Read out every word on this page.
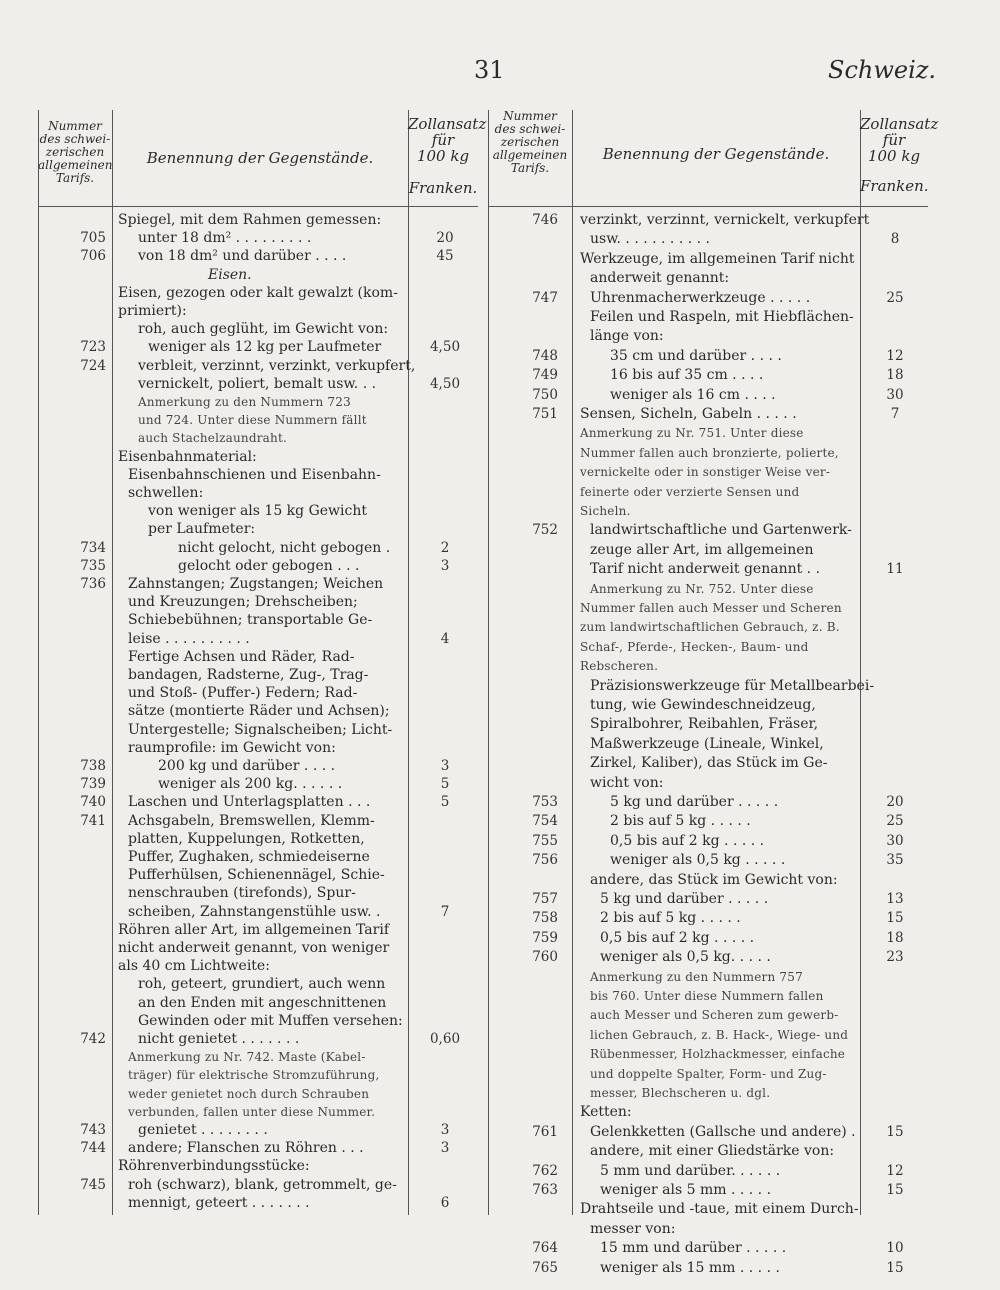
31	Schweiz.
Nummer
des schwei-
zerischen
allgemeinen
Tarifs.
Benennung der Gegenstände.
Zollansatz
für
100 kg
Franken.
Spiegel, mit dem Rahmen gemessen:
705 unter 18 dm² . . . . . . . . .	20
706 von 18 dm² und darüber . . . .	45
Eisen.
Eisen, gezogen oder kalt gewalzt (kom-
primiert):
roh, auch geglüht, im Gewicht von:
723	weniger als 12 kg per Laufmeter	4,50
724 verbleit, verzinnt, verzinkt, verkupfert,
vernickelt, poliert, bemalt usw. . .	4,50
Anmerkung zu den Nummern 723
und 724. Unter diese Nummern fällt
auch Stachelzaundraht.
Eisenbahnmaterial:
Eisenbahnschienen und Eisenbahn-
schwellen:
von weniger als 15 kg Gewicht
per Laufmeter:
734	nicht gelocht, nicht gebogen .	2
735	gelocht oder gebogen . . .	3
736 Zahnstangen; Zugstangen; Weichen
und Kreuzungen; Drehscheiben;
Schiebebühnen; transportable Ge-
leise . . . . . . . . . .	4
Fertige Achsen und Räder, Rad-
bandagen, Radsterne, Zug-, Trag-
und Stoß- (Puffer-) Federn; Rad-
sätze (montierte Räder und Achsen);
Untergestelle; Signalscheiben; Licht-
raumprofile: im Gewicht von:
738	200 kg und darüber . . . .	3
739	weniger als 200 kg. . . . . .	5
740 Laschen und Unterlagsplatten . . .	5
741 Achsgabeln, Bremswellen, Klemm-
platten, Kuppelungen, Rotketten,
Puffer, Zughaken, schmiedeiserne
Pufferhülsen, Schienennägel, Schie-
nenschrauben (tirefonds), Spur-
scheiben, Zahnstangenstühle usw. .	7
Röhren aller Art, im allgemeinen Tarif
nicht anderweit genannt, von weniger
als 40 cm Lichtweite:
roh, geteert, grundiert, auch wenn
an den Enden mit angeschnittenen
Gewinden oder mit Muffen versehen:
742 nicht genietet . . . . . . .	0,60
Anmerkung zu Nr. 742. Maste (Kabel-
träger) für elektrische Stromzuführung,
weder genietet noch durch Schrauben
verbunden, fallen unter diese Nummer.
743 genietet . . . . . . . .	3
744 andere; Flanschen zu Röhren . . .	3
Röhrenverbindungsstücke:
745 roh (schwarz), blank, getrommelt, ge-
mennigt, geteert . . . . . . .	6
Nummer
des schwei-
zerischen
allgemeinen
Tarifs.
Benennung der Gegenstände.
Zollansatz
für
100 kg
Franken.
746 verzinkt, verzinnt, vernickelt, verkupfert
usw. . . . . . . . . . .	8
Werkzeuge, im allgemeinen Tarif nicht
anderweit genannt:
747 Uhrenmacherwerkzeuge . . . . .	25
Feilen und Raspeln, mit Hiebflächen-
länge von:
748	35 cm und darüber . . . .	12
749	16 bis auf 35 cm . . . .	18
750	weniger als 16 cm . . . .	30
751 Sensen, Sicheln, Gabeln . . . . .	7
Anmerkung zu Nr. 751. Unter diese
Nummer fallen auch bronzierte, polierte,
vernickelte oder in sonstiger Weise ver-
feinerte oder verzierte Sensen und
Sicheln.
752 landwirtschaftliche und Gartenwerk-
zeuge aller Art, im allgemeinen
Tarif nicht anderweit genannt . .	11
Anmerkung zu Nr. 752. Unter diese
Nummer fallen auch Messer und Scheren
zum landwirtschaftlichen Gebrauch, z. B.
Schaf-, Pferde-, Hecken-, Baum- und
Rebscheren.
Präzisionswerkzeuge für Metallbearbei-
tung, wie Gewindeschneidzeug,
Spiralbohrer, Reibahlen, Fräser,
Maßwerkzeuge (Lineale, Winkel,
Zirkel, Kaliber), das Stück im Ge-
wicht von:
753	5 kg und darüber . . . . .	20
754	2 bis auf 5 kg . . . . .	25
755	0,5 bis auf 2 kg . . . . .	30
756	weniger als 0,5 kg . . . . .	35
andere, das Stück im Gewicht von:
757	5 kg und darüber . . . . .	13
758	2 bis auf 5 kg . . . . .	15
759	0,5 bis auf 2 kg . . . . .	18
760	weniger als 0,5 kg. . . . .	23
Anmerkung zu den Nummern 757
bis 760. Unter diese Nummern fallen
auch Messer und Scheren zum gewerb-
lichen Gebrauch, z. B. Hack-, Wiege- und
Rübenmesser, Holzhackmesser, einfache
und doppelte Spalter, Form- und Zug-
messer, Blechscheren u. dgl.
Ketten:
761 Gelenkketten (Gallsche und andere) .	15
andere, mit einer Gliedstärke von:
762	5 mm und darüber. . . . . .	12
763	weniger als 5 mm . . . . .	15
Drahtseile und -taue, mit einem Durch-
messer von:
764	15 mm und darüber . . . . .	10
765	weniger als 15 mm . . . . .	15
